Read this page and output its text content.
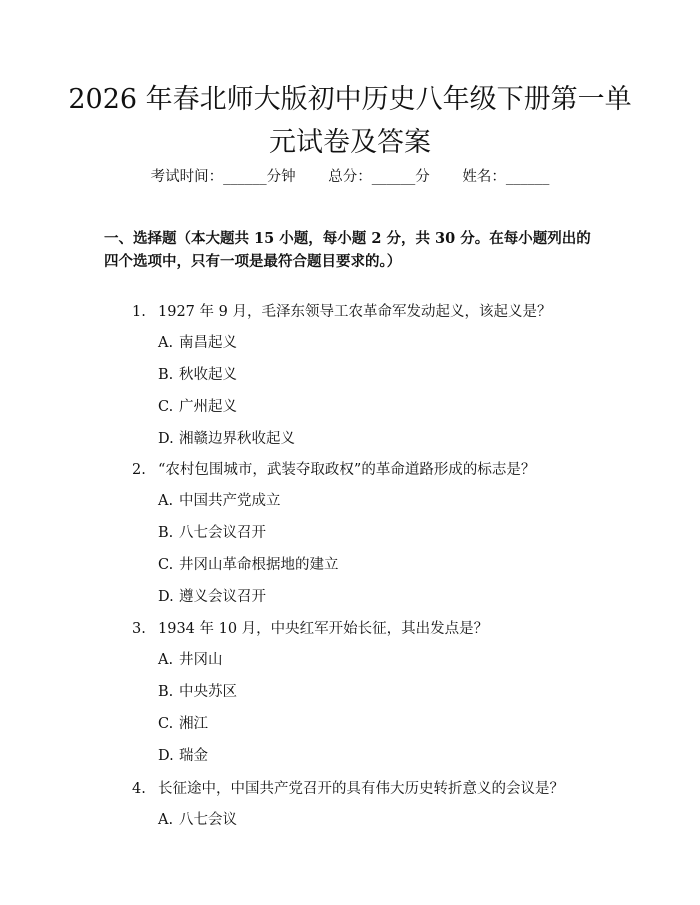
2026 年春北师大版初中历史八年级下册第一单元试卷及答案
考试时间：______分钟 总分：______分 姓名：______

一、选择题（本大题共 15 小题，每小题 2 分，共 30 分。在每小题列出的四个选项中，只有一项是最符合题目要求的。）

1. 1927 年 9 月，毛泽东领导工农革命军发动起义，该起义是？
A. 南昌起义
B. 秋收起义
C. 广州起义
D. 湘赣边界秋收起义
2. “农村包围城市，武装夺取政权”的革命道路形成的标志是？
A. 中国共产党成立
B. 八七会议召开
C. 井冈山革命根据地的建立
D. 遵义会议召开
3. 1934 年 10 月，中央红军开始长征，其出发点是？
A. 井冈山
B. 中央苏区
C. 湘江
D. 瑞金
4. 长征途中，中国共产党召开的具有伟大历史转折意义的会议是？
A. 八七会议
